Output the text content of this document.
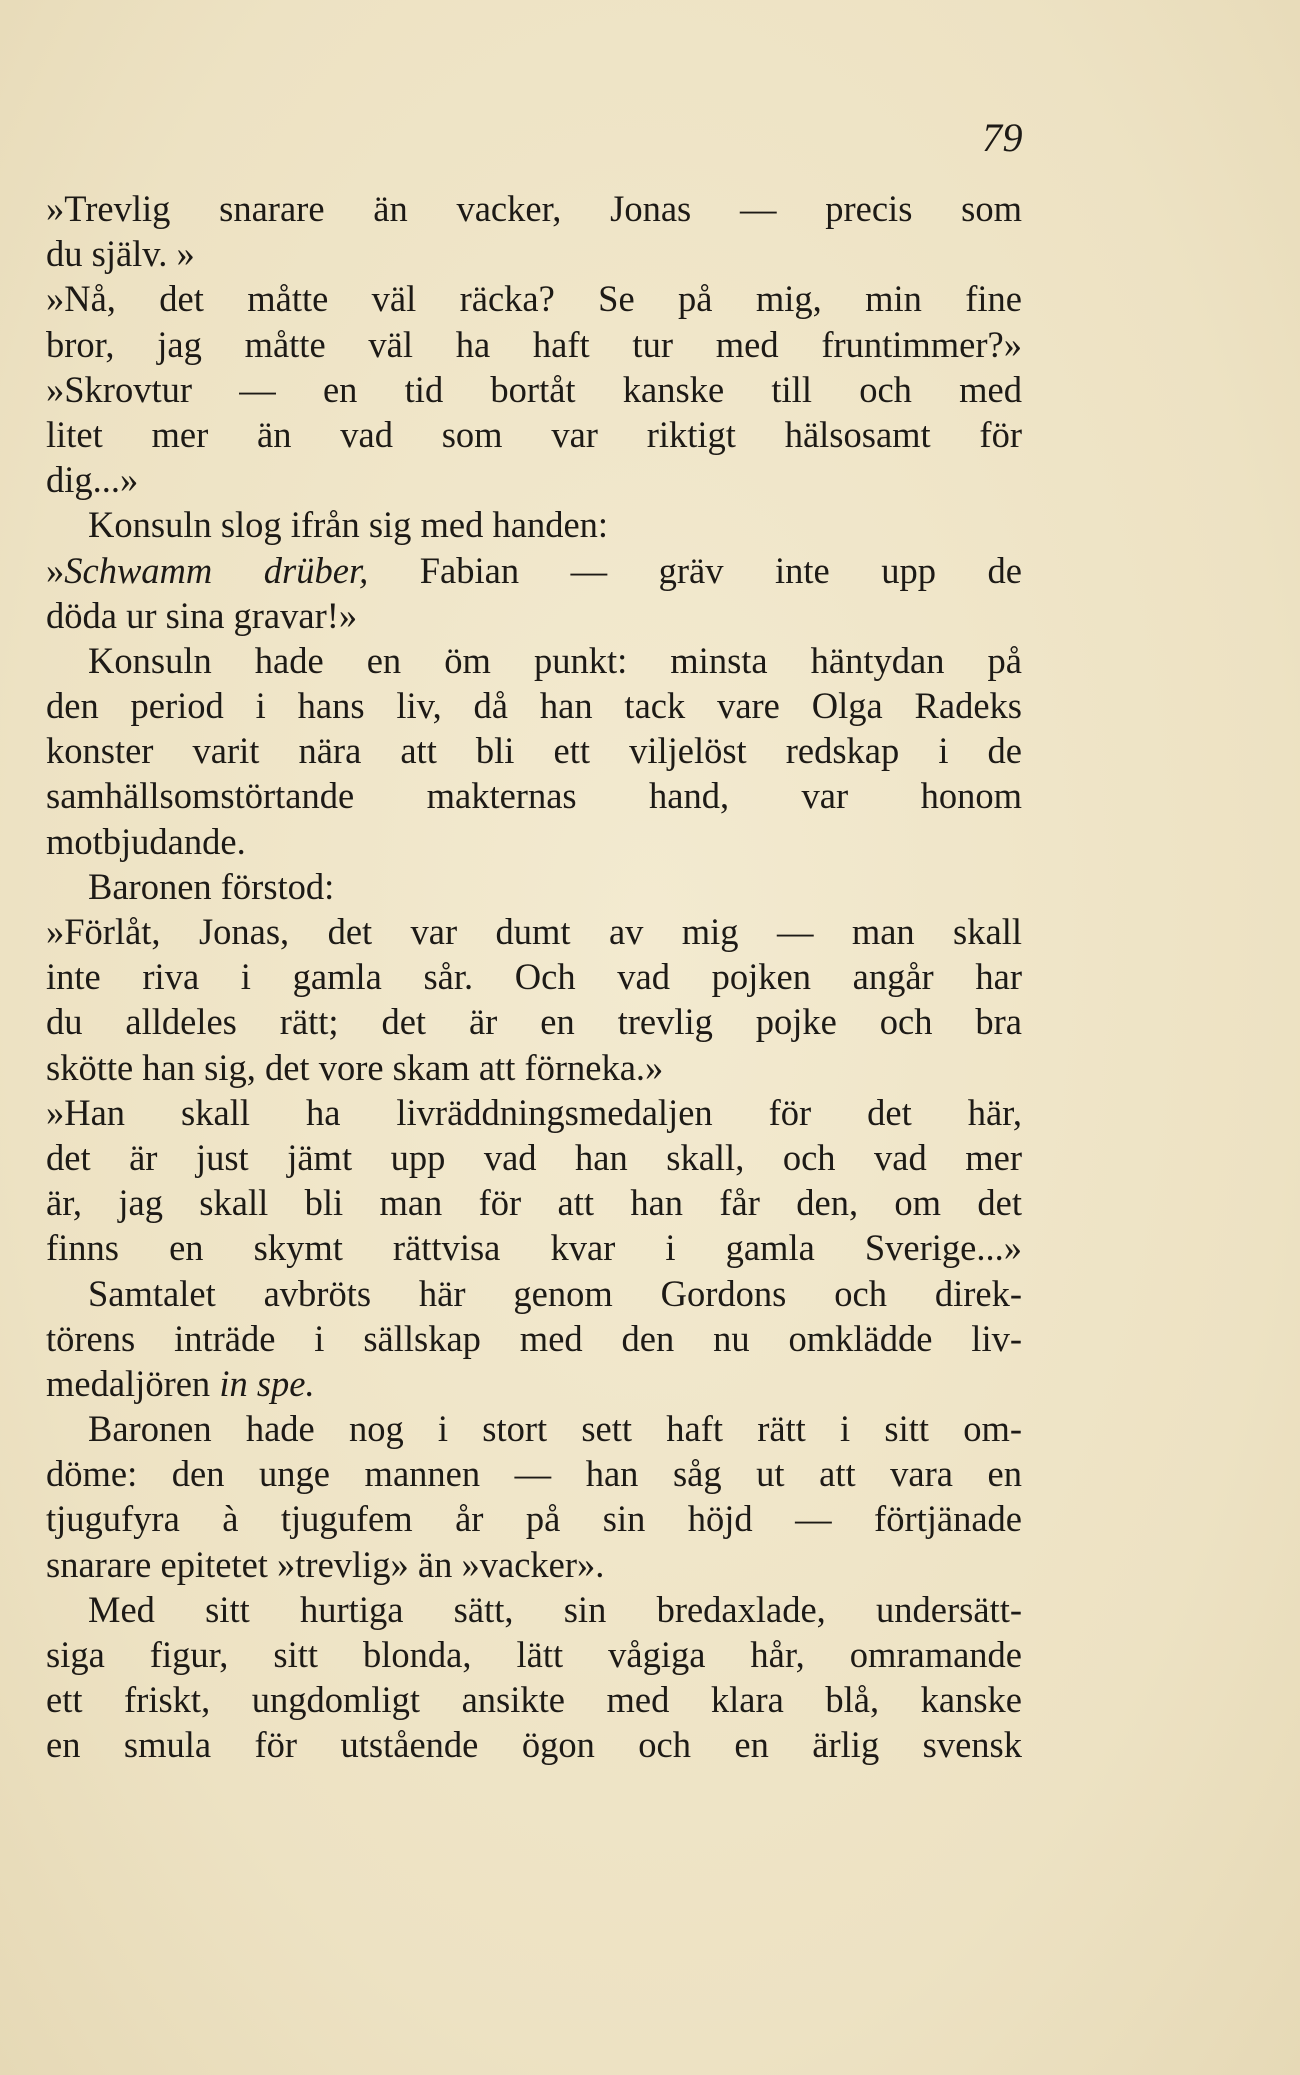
79
»Trevlig snarare än vacker, Jonas — precis som
du själv. »
»Nå, det måtte väl räcka? Se på mig, min fine
bror, jag måtte väl ha haft tur med fruntimmer?»
»Skrovtur — en tid bortåt kanske till och med
litet mer än vad som var riktigt hälsosamt för
dig...»
Konsuln slog ifrån sig med handen:
»Schwamm drüber, Fabian — gräv inte upp de
döda ur sina gravar!»
Konsuln hade en öm punkt: minsta häntydan på
den period i hans liv, då han tack vare Olga Radeks
konster varit nära att bli ett viljelöst redskap i de
samhällsomstörtande makternas hand, var honom
motbjudande.
Baronen förstod:
»Förlåt, Jonas, det var dumt av mig — man skall
inte riva i gamla sår. Och vad pojken angår har
du alldeles rätt; det är en trevlig pojke och bra
skötte han sig, det vore skam att förneka.»
»Han skall ha livräddningsmedaljen för det här,
det är just jämt upp vad han skall, och vad mer
är, jag skall bli man för att han får den, om det
finns en skymt rättvisa kvar i gamla Sverige...»
Samtalet avbröts här genom Gordons och direk-
törens inträde i sällskap med den nu omklädde liv-
medaljören in spe.
Baronen hade nog i stort sett haft rätt i sitt om-
döme: den unge mannen — han såg ut att vara en
tjugufyra à tjugufem år på sin höjd — förtjänade
snarare epitetet »trevlig» än »vacker».
Med sitt hurtiga sätt, sin bredaxlade, undersätt-
siga figur, sitt blonda, lätt vågiga hår, omramande
ett friskt, ungdomligt ansikte med klara blå, kanske
en smula för utstående ögon och en ärlig svensk
